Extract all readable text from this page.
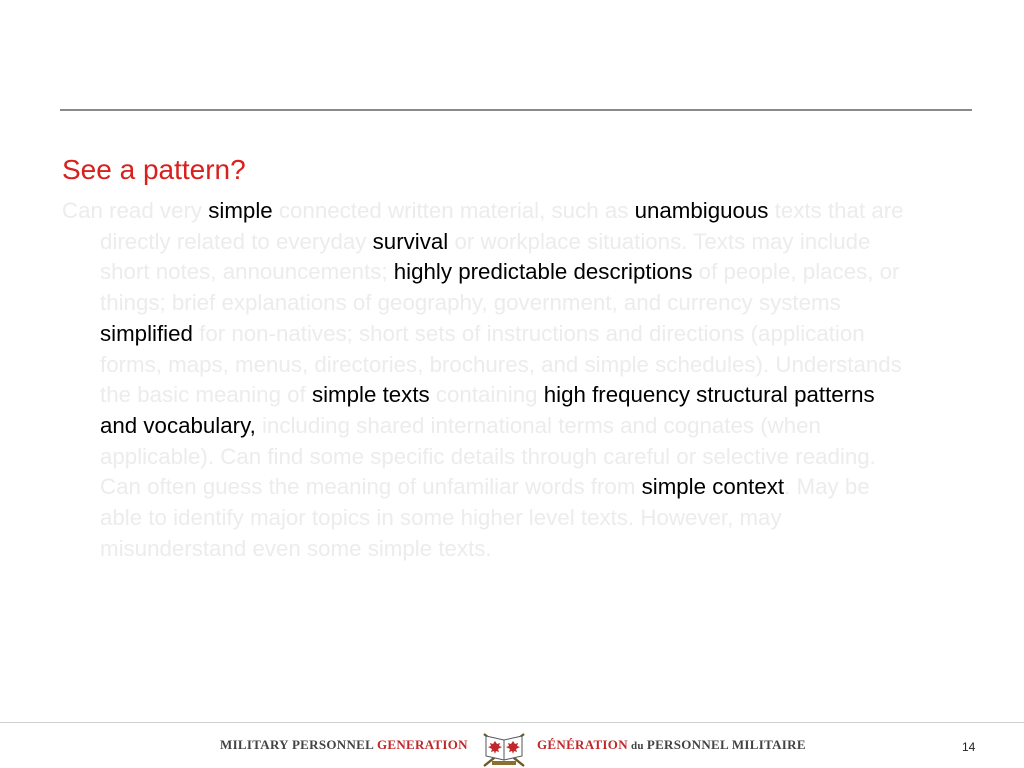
See a pattern?
Can read very simple connected written material, such as unambiguous texts that are directly related to everyday survival or workplace situations. Texts may include short notes, announcements; highly predictable descriptions of people, places, or things; brief explanations of geography, government, and currency systems simplified for non-natives; short sets of instructions and directions (application forms, maps, menus, directories, brochures, and simple schedules). Understands the basic meaning of simple texts containing high frequency structural patterns and vocabulary, including shared international terms and cognates (when applicable). Can find some specific details through careful or selective reading. Can often guess the meaning of unfamiliar words from simple context. May be able to identify major topics in some higher level texts. However, may misunderstand even some simple texts.
MILITARY PERSONNEL GENERATION	GÉNÉRATION du PERSONNEL MILITAIRE	14
